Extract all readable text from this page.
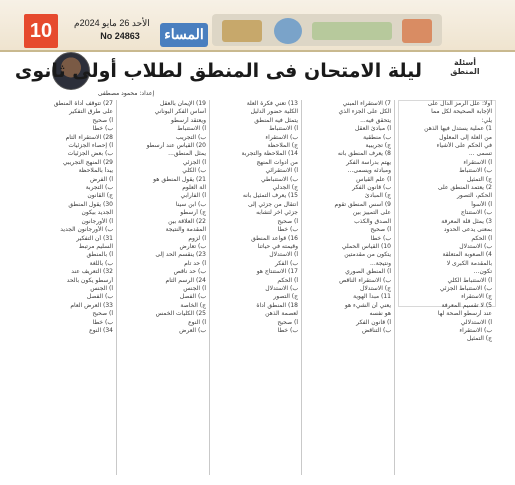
10	الأحد 26 مايو 2024م
No 24863	المساء
إعداد: محمود مصطفى
ليلة الامتحان فى المنطق لطلاب أولى ثانوى	أسئلة المنطق
أولا: علل الرمز الدال على
الإجابة الصحيحة لكل مما
يلي:
1) عملية يستدل فيها الذهن
من العلة إلى المعلول
في الحكم على الأشياء
تسمى ...
أ) الاستقراء
ب) الاستنباط
ج) التمثيل
2) يعتمد المنطق على
الحكم، التصور
أ) الأسوأ
ب) الاستنتاج
3) يمثل قلة المعرفة
بمعنى يدعى الحدود
أ) الحكم
ب) الاستدلال
4) الصعوبة المتعلقة
بالمقدمة الكبرى لا
تكون...
أ) الاستنباط الكلي
ب) الاستنباط الجزئي
ج) الاستقراء
5) لا تقسيم المعرفة
عند أرسطو الصحة لها
أ) الاستدلالي
ب) الاستقراء
ج) التمثيل
7) الاستقراء المبني
الكل على الجزء الذي
يتحقق فيه...
أ) مبادئ العقل
ب) منطقية
ج) تجريبية
8) يعرف المنطق بأنه
يهتم بدراسة الفكر
ومبادئه ويسمى...
أ) علم القياس
ب) قانون الفكر
ج) المبادئ
9) أسس المنطق تقوم
على التمييز بين
الصدق والكذب
أ) صحيح
ب) خطأ
10) القياس الحملي
يتكون من مقدمتين
ونتيجة...
أ) المنطق الصوري
ب) الاستقراء الناقص
ج) الاستدلال
11) مبدأ الهوية
يعني أن الشيء هو
هو نفسه
أ) قانون الفكر
ب) التناقض
13) تعني فكرة العلة
الكلية حضور الدليل
يتمثل فيه المنطق
أ) الاستنباط
ب) الاستقراء
ج) الملاحظة
14) الملاحظة والتجربة
من أدوات المنهج
أ) الاستقرائي
ب) الاستنباطي
ج) الجدلي
15) يعرف التمثيل بأنه
انتقال من جزئي إلى
جزئي آخر لتشابه
أ) صحيح
ب) خطأ
16) قواعد المنطق
وقيمته في حياتنا
أ) الاستدلال
ب) الفكر
17) الاستنتاج هو
أ) الحكم
ب) الاستدلال
ج) التصور
18) المنطق أداة
لعصمة الذهن
أ) صحيح
ب) خطأ
19) الإيمان بالعقل
أساس الفكر اليوناني
ويعتقد أرسطو
أ) الاستنباط
ب) التجريب
20) القياس عند أرسطو
يمثل المنطق...
أ) الجزئي
ب) الكلي
21) يقول المنطق هو
آلة العلوم
أ) الفارابي
ب) ابن سينا
ج) أرسطو
22) العلاقة بين
المقدمة والنتيجة
أ) لزوم
ب) تعارض
23) ينقسم الحد إلى
أ) حد تام
ب) حد ناقص
24) الرسم التام
أ) الجنس
ب) الفصل
ج) الخاصة
25) الكليات الخمس
أ) النوع
ب) العرض
27) تتوقف أداة المنطق
على طرق التفكير
أ) صحيح
ب) خطأ
28) الاستقراء التام
أ) إحصاء الجزئيات
ب) بعض الجزئيات
29) المنهج التجريبي
يبدأ بالملاحظة
أ) الفرض
ب) التجربة
ج) القانون
30) يقول المنطق
الجديد بيكون
أ) الأورجانون
ب) الأورجانون الجديد
31) أن التفكير
السليم مرتبط
أ) بالمنطق
ب) باللغة
32) التعريف عند
أرسطو يكون بالحد
أ) الجنس
ب) الفصل
33) العرض العام
أ) صحيح
ب) خطأ
34) النوع
